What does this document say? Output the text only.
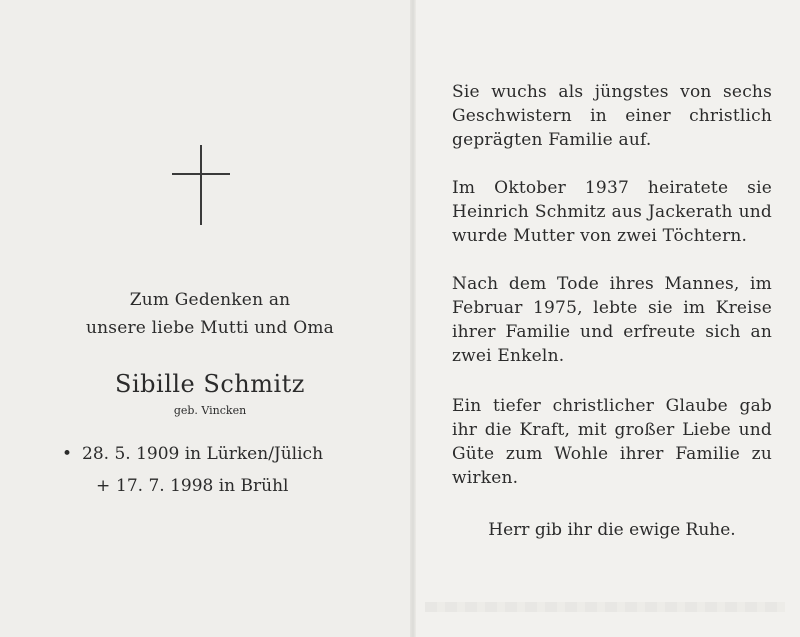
Zum Gedenken an
unsere liebe Mutti und Oma
Sibille Schmitz
geb. Vincken
• 28. 5. 1909 in Lürken/Jülich
+ 17. 7. 1998 in Brühl
Sie wuchs als jüngstes von sechs Geschwistern in einer christlich geprägten Familie auf.
Im Oktober 1937 heiratete sie Heinrich Schmitz aus Jackerath und wurde Mutter von zwei Töchtern.
Nach dem Tode ihres Mannes, im Februar 1975, lebte sie im Kreise ihrer Familie und erfreute sich an zwei Enkeln.
Ein tiefer christlicher Glaube gab ihr die Kraft, mit großer Liebe und Güte zum Wohle ihrer Familie zu wirken.
Herr gib ihr die ewige Ruhe.
